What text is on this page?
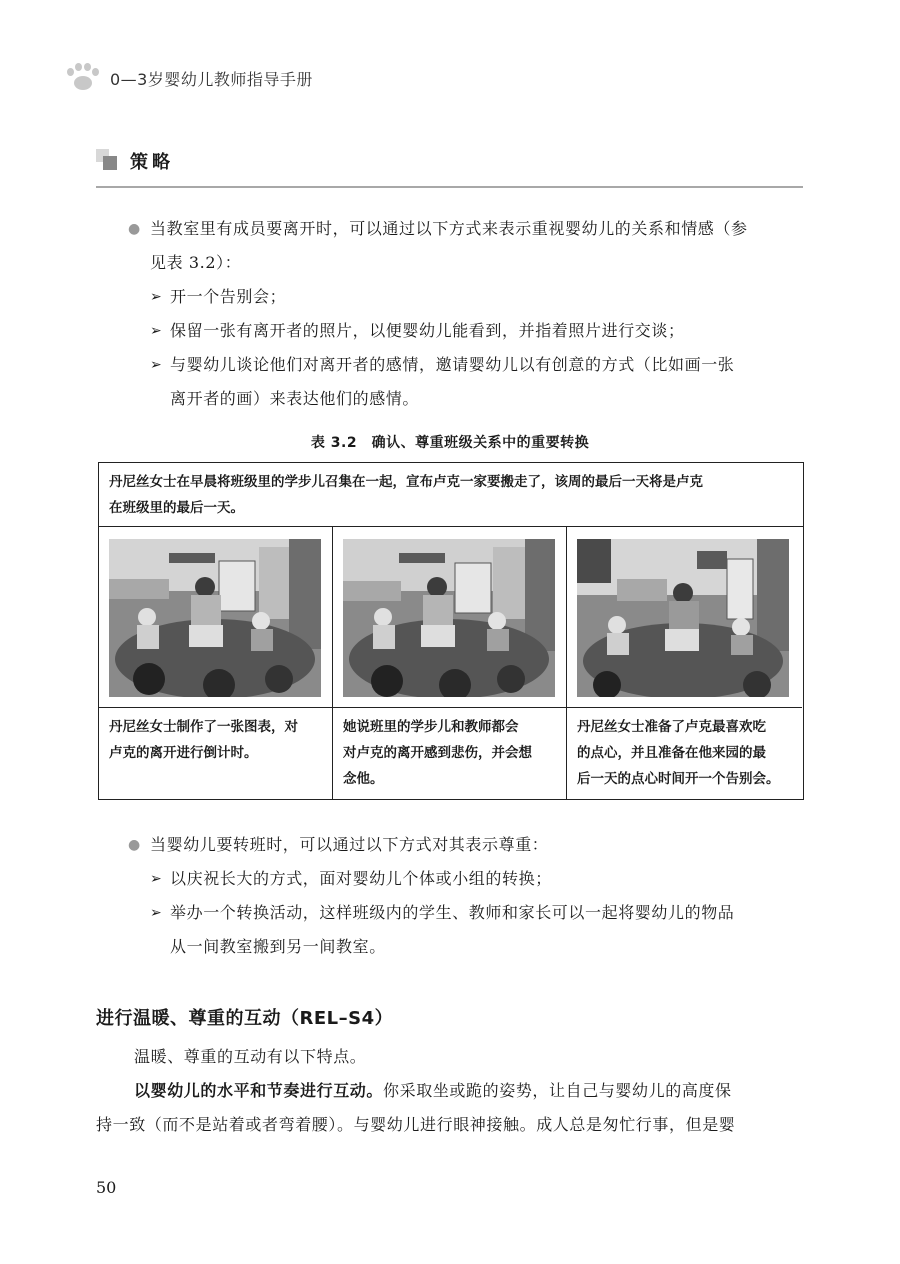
0—3岁婴幼儿教师指导手册
策略
● 当教室里有成员要离开时，可以通过以下方式来表示重视婴幼儿的关系和情感（参
见表 3.2）：
➢ 开一个告别会；
➢ 保留一张有离开者的照片，以便婴幼儿能看到，并指着照片进行交谈；
➢ 与婴幼儿谈论他们对离开者的感情，邀请婴幼儿以有创意的方式（比如画一张
离开者的画）来表达他们的感情。
表 3.2　确认、尊重班级关系中的重要转换
丹尼丝女士在早晨将班级里的学步儿召集在一起，宣布卢克一家要搬走了，该周的最后一天将是卢克
在班级里的最后一天。
丹尼丝女士制作了一张图表，对
卢克的离开进行倒计时。
她说班里的学步儿和教师都会
对卢克的离开感到悲伤，并会想
念他。
丹尼丝女士准备了卢克最喜欢吃
的点心，并且准备在他来园的最
后一天的点心时间开一个告别会。
● 当婴幼儿要转班时，可以通过以下方式对其表示尊重：
➢ 以庆祝长大的方式，面对婴幼儿个体或小组的转换；
➢ 举办一个转换活动，这样班级内的学生、教师和家长可以一起将婴幼儿的物品
从一间教室搬到另一间教室。
进行温暖、尊重的互动（REL–S4）
温暖、尊重的互动有以下特点。
以婴幼儿的水平和节奏进行互动。你采取坐或跪的姿势，让自己与婴幼儿的高度保
持一致（而不是站着或者弯着腰）。与婴幼儿进行眼神接触。成人总是匆忙行事，但是婴
50
